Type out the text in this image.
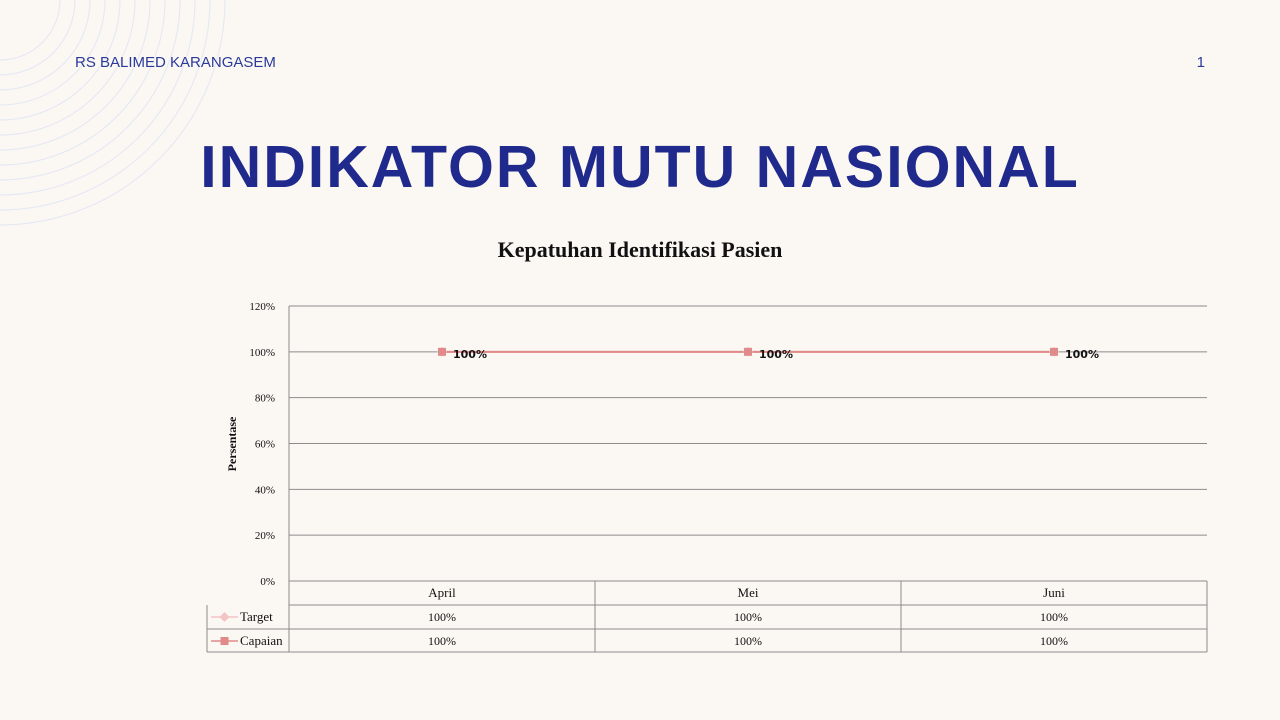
RS BALIMED KARANGASEM	1
INDIKATOR MUTU NASIONAL
Kepatuhan Identifikasi Pasien
0%
20%
40%
60%
80%
100%
120%
Persentase
April	Mei	Juni
Target	100%	100%	100%
Capaian	100%	100%	100%
100%	100%	100%
